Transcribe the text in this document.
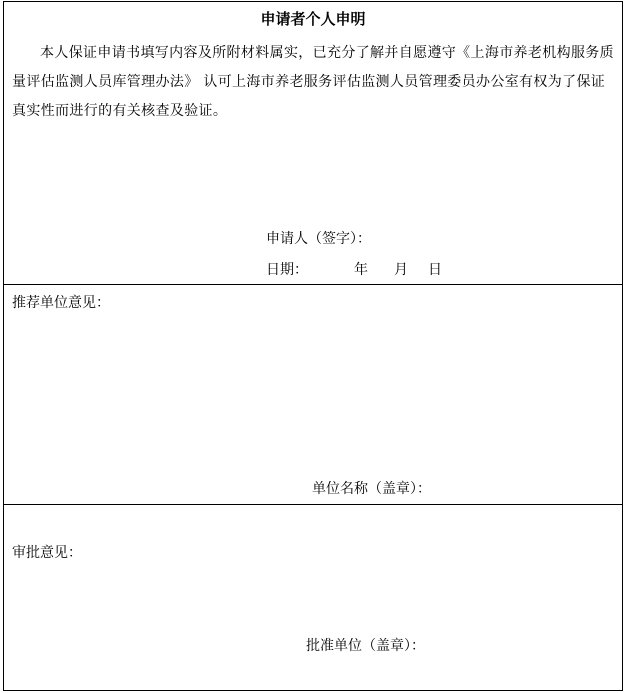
申请者个人申明

本人保证申请书填写内容及所附材料属实，已充分了解并自愿遵守《上海市养老机构服务质量评估监测人员库管理办法》 认可上海市养老服务评估监测人员管理委员办公室有权为了保证真实性而进行的有关核查及验证。

申请人（签字）：
日期：	年 月 日
推荐单位意见：
单位名称（盖章）：
审批意见：
批准单位（盖章）：
